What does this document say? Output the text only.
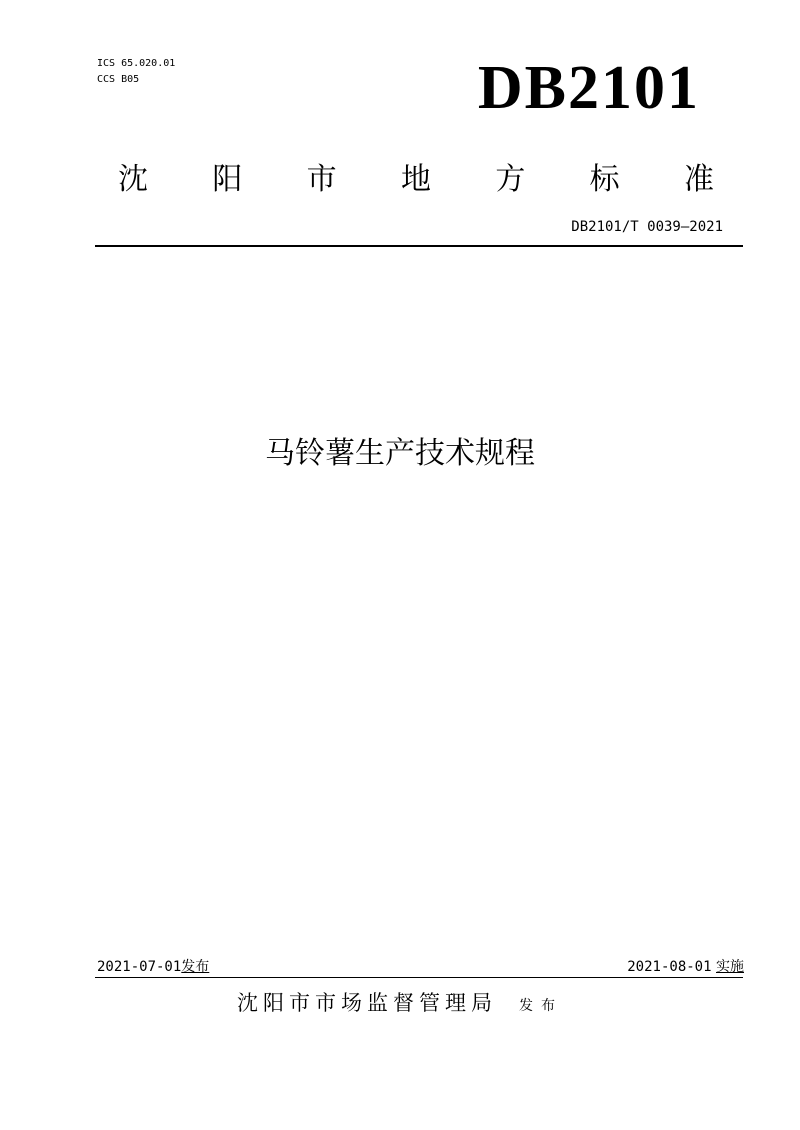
ICS 65.020.01
CCS B05	DB2101
沈 阳 市 地 方 标 准
DB2101/T 0039—2021
马铃薯生产技术规程
2021-07-01发布	2021-08-01 实施
沈阳市市场监督管理局 发布
